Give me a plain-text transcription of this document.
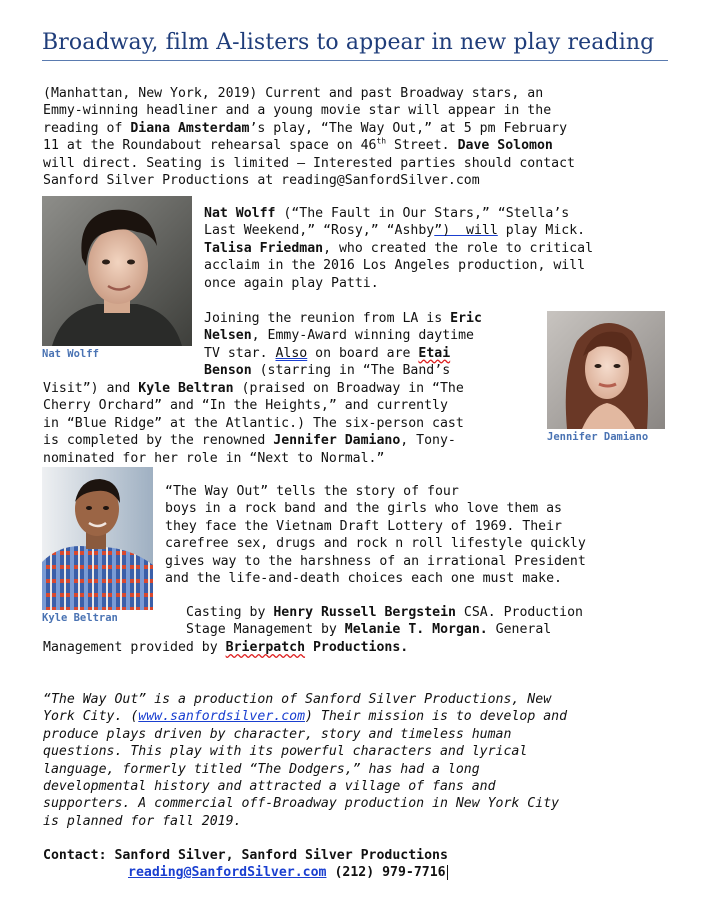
Broadway, film A-listers to appear in new play reading
(Manhattan, New York, 2019) Current and past Broadway stars, an
Emmy-winning headliner and a young movie star will appear in the
reading of Diana Amsterdam’s play, “The Way Out,” at 5 pm February
11 at the Roundabout rehearsal space on 46th Street. Dave Solomon
will direct. Seating is limited – Interested parties should contact
Sanford Silver Productions at reading@SanfordSilver.com
Nat Wolff
Nat Wolff (“The Fault in Our Stars,” “Stella’s
Last Weekend,” “Rosy,” “Ashby”)  will play Mick.
Talisa Friedman, who created the role to critical
acclaim in the 2016 Los Angeles production, will
once again play Patti.
Jennifer Damiano
Joining the reunion from LA is Eric
Nelsen, Emmy-Award winning daytime
TV star. Also on board are Etai
Benson (starring in “The Band’s
Visit”) and Kyle Beltran (praised on Broadway in “The
Cherry Orchard” and “In the Heights,” and currently
in “Blue Ridge” at the Atlantic.) The six-person cast
is completed by the renowned Jennifer Damiano, Tony-
nominated for her role in “Next to Normal.”
Kyle Beltran
“The Way Out” tells the story of four
boys in a rock band and the girls who love them as
they face the Vietnam Draft Lottery of 1969. Their
carefree sex, drugs and rock n roll lifestyle quickly
gives way to the harshness of an irrational President
and the life-and-death choices each one must make.
Casting by Henry Russell Bergstein CSA. Production
Stage Management by Melanie T. Morgan. General
Management provided by Brierpatch Productions.
“The Way Out” is a production of Sanford Silver Productions, New
York City. (www.sanfordsilver.com) Their mission is to develop and
produce plays driven by character, story and timeless human
questions. This play with its powerful characters and lyrical
language, formerly titled “The Dodgers,” has had a long
developmental history and attracted a village of fans and
supporters. A commercial off-Broadway production in New York City
is planned for fall 2019.
Contact: Sanford Silver, Sanford Silver Productions
reading@SanfordSilver.com (212) 979-7716
